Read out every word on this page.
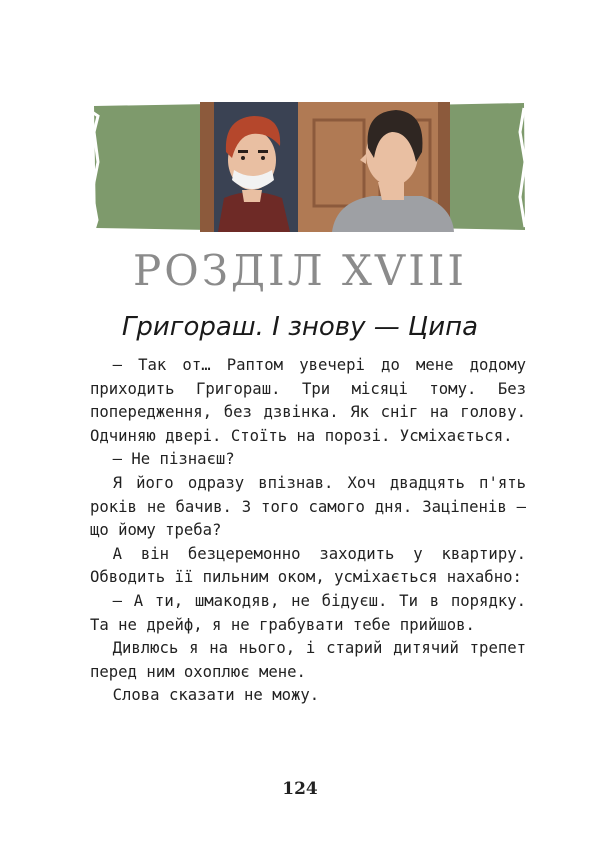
РОЗДІЛ XVIII
Григораш. І знову — Ципа

— Так от… Раптом увечері до мене додому приходить Григораш. Три місяці тому. Без попередження, без дзвінка. Як сніг на голову. Одчиняю двері. Стоїть на порозі. Усміхається.

— Не пізнаєш?

Я його одразу впізнав. Хоч двадцять п'ять років не бачив. З того самого дня. Заціпенів — що йому треба?

А він безцеремонно заходить у квартиру. Обводить її пильним оком, усміхається нахабно:

— А ти, шмакодяв, не бідуєш. Ти в порядку. Та не дрейф, я не грабувати тебе прийшов.

Дивлюсь я на нього, і старий дитячий трепет перед ним охоплює мене.

Слова сказати не можу.

124
